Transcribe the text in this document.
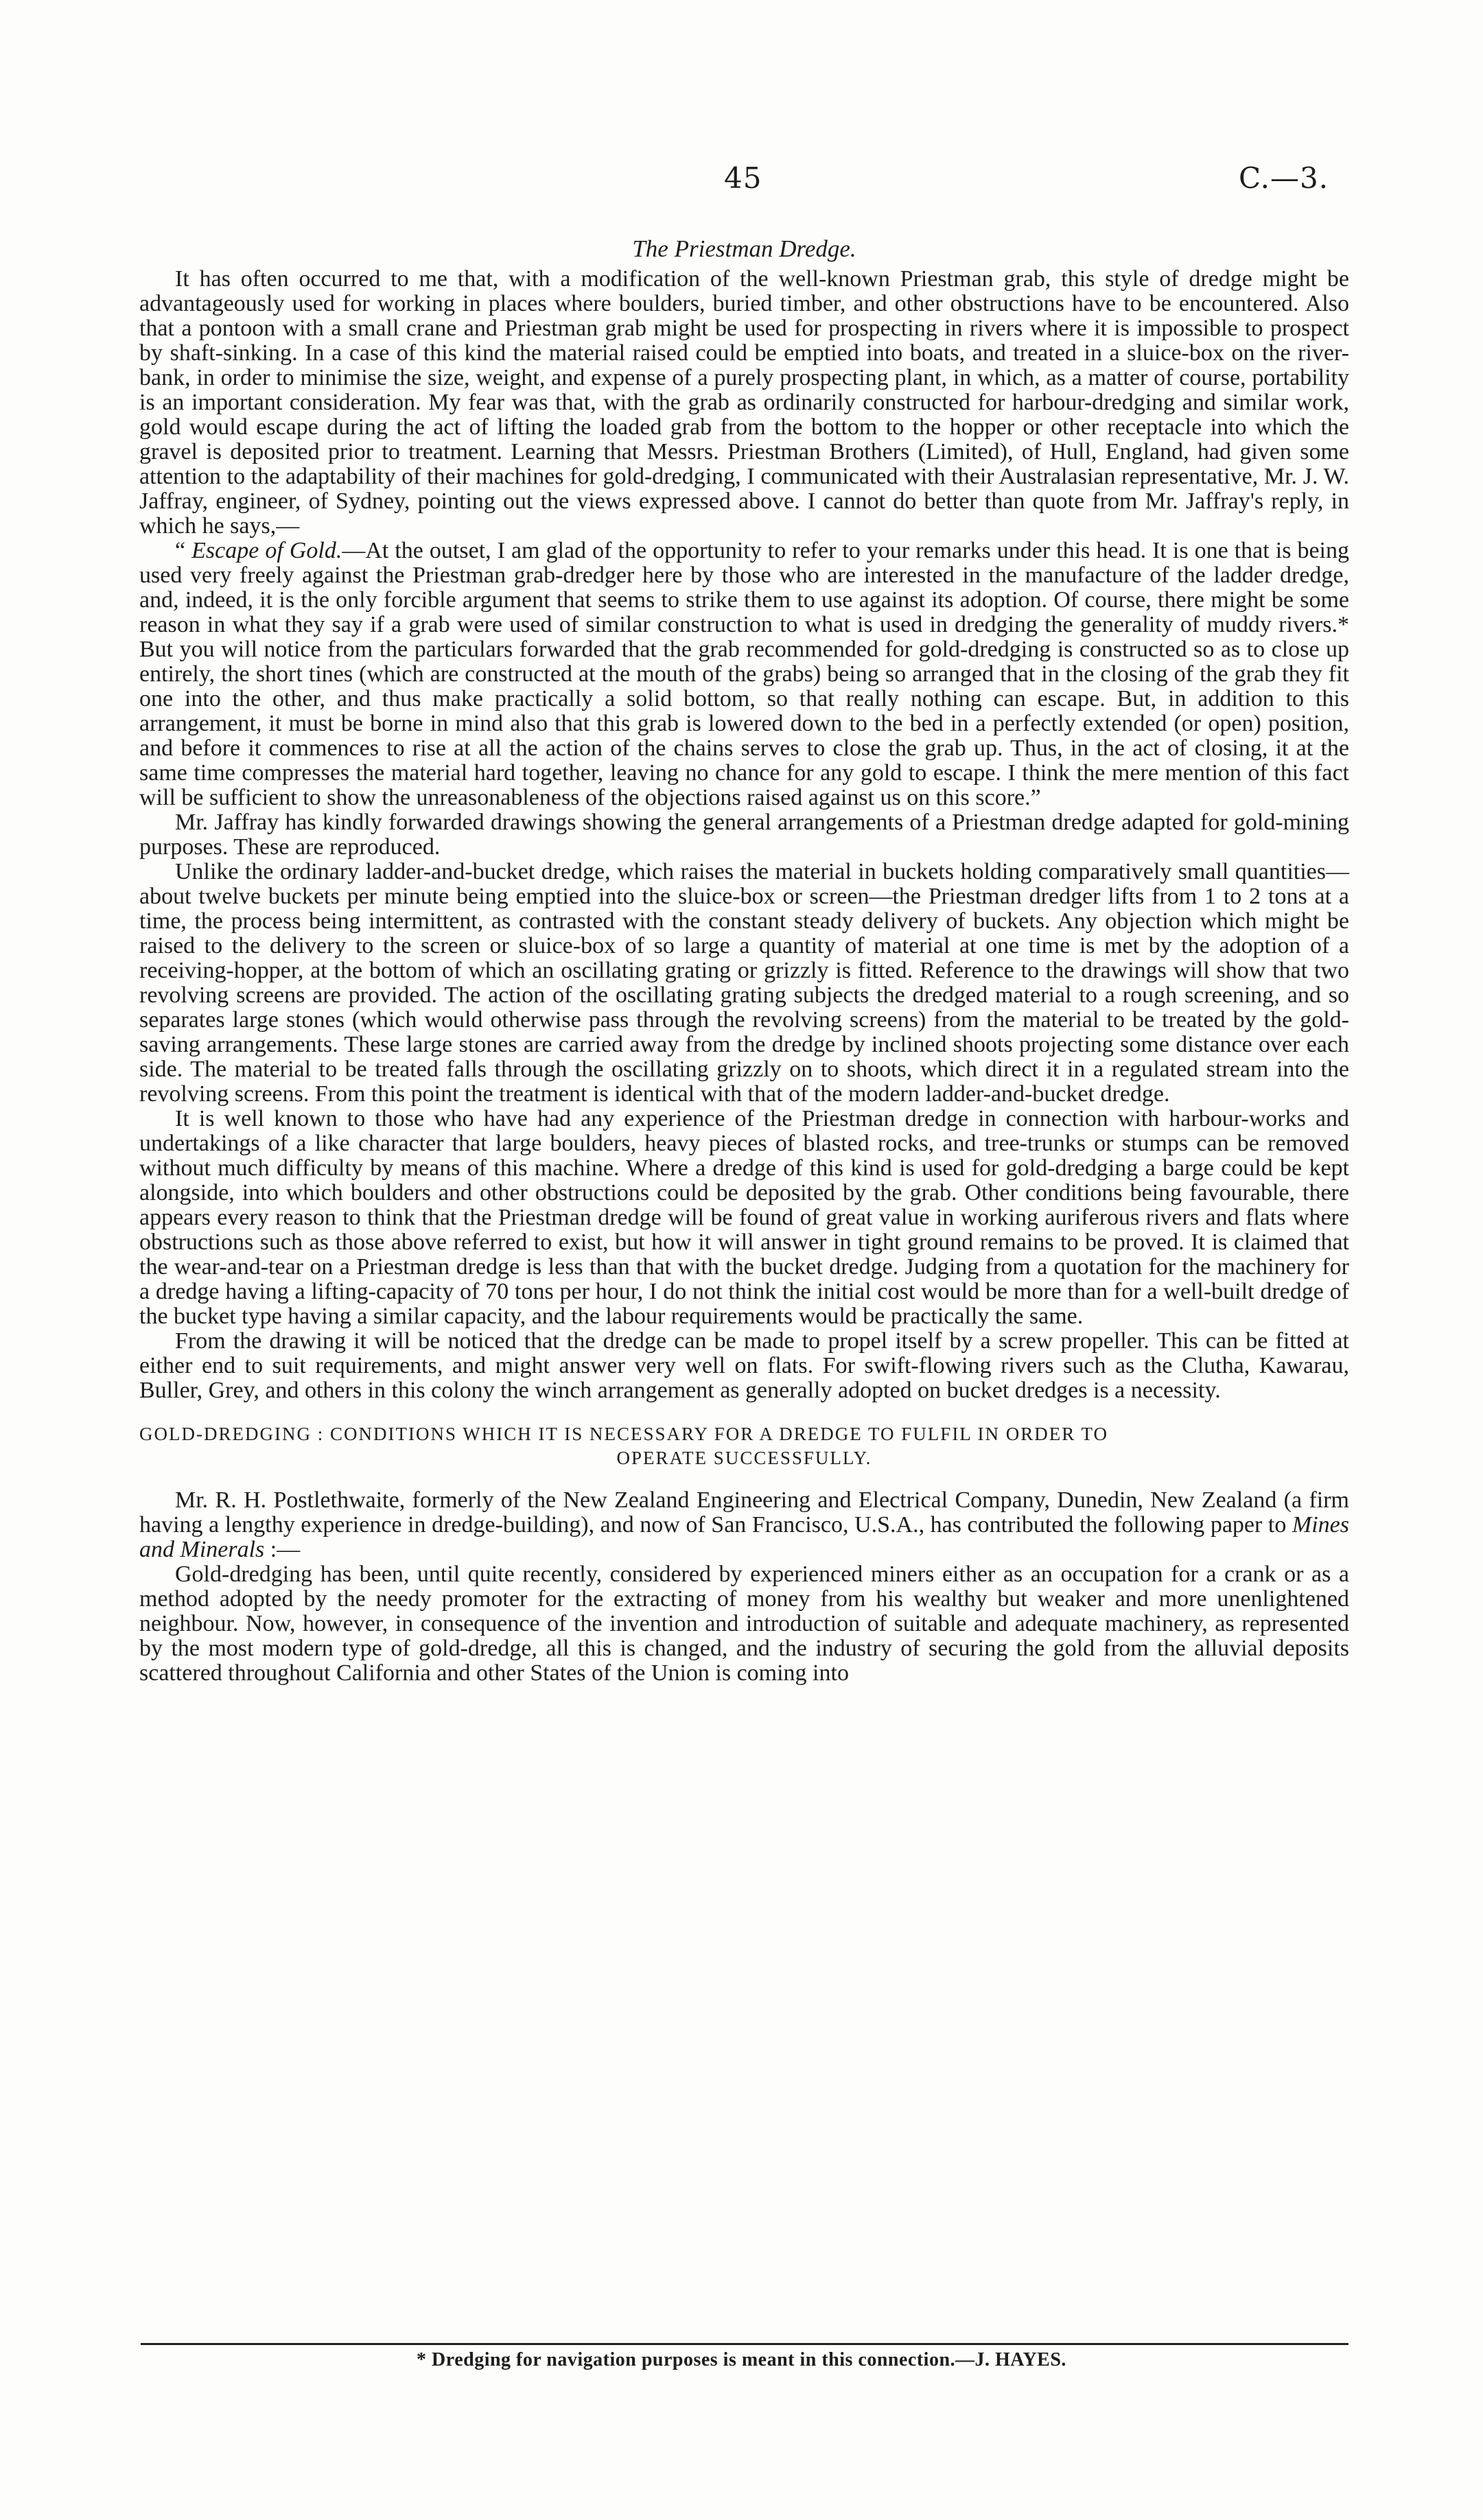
45	C.—3.
The Priestman Dredge.

It has often occurred to me that, with a modification of the well-known Priestman grab, this style of dredge might be advantageously used for working in places where boulders, buried timber, and other obstructions have to be encountered. Also that a pontoon with a small crane and Priestman grab might be used for prospecting in rivers where it is impossible to prospect by shaft-sinking. In a case of this kind the material raised could be emptied into boats, and treated in a sluice-box on the river-bank, in order to minimise the size, weight, and expense of a purely prospecting plant, in which, as a matter of course, portability is an important consideration. My fear was that, with the grab as ordinarily constructed for harbour-dredging and similar work, gold would escape during the act of lifting the loaded grab from the bottom to the hopper or other receptacle into which the gravel is deposited prior to treatment. Learning that Messrs. Priestman Brothers (Limited), of Hull, England, had given some attention to the adaptability of their machines for gold-dredging, I communicated with their Australasian representative, Mr. J. W. Jaffray, engineer, of Sydney, pointing out the views expressed above. I cannot do better than quote from Mr. Jaffray's reply, in which he says,—

“ Escape of Gold.—At the outset, I am glad of the opportunity to refer to your remarks under this head. It is one that is being used very freely against the Priestman grab-dredger here by those who are interested in the manufacture of the ladder dredge, and, indeed, it is the only forcible argument that seems to strike them to use against its adoption. Of course, there might be some reason in what they say if a grab were used of similar construction to what is used in dredging the generality of muddy rivers.* But you will notice from the particulars forwarded that the grab recommended for gold-dredging is constructed so as to close up entirely, the short tines (which are constructed at the mouth of the grabs) being so arranged that in the closing of the grab they fit one into the other, and thus make practically a solid bottom, so that really nothing can escape. But, in addition to this arrangement, it must be borne in mind also that this grab is lowered down to the bed in a perfectly extended (or open) position, and before it commences to rise at all the action of the chains serves to close the grab up. Thus, in the act of closing, it at the same time compresses the material hard together, leaving no chance for any gold to escape. I think the mere mention of this fact will be sufficient to show the unreasonableness of the objections raised against us on this score.”

Mr. Jaffray has kindly forwarded drawings showing the general arrangements of a Priestman dredge adapted for gold-mining purposes. These are reproduced.

Unlike the ordinary ladder-and-bucket dredge, which raises the material in buckets holding comparatively small quantities—about twelve buckets per minute being emptied into the sluice-box or screen—the Priestman dredger lifts from 1 to 2 tons at a time, the process being intermittent, as contrasted with the constant steady delivery of buckets. Any objection which might be raised to the delivery to the screen or sluice-box of so large a quantity of material at one time is met by the adoption of a receiving-hopper, at the bottom of which an oscillating grating or grizzly is fitted. Reference to the drawings will show that two revolving screens are provided. The action of the oscillating grating subjects the dredged material to a rough screening, and so separates large stones (which would otherwise pass through the revolving screens) from the material to be treated by the gold-saving arrangements. These large stones are carried away from the dredge by inclined shoots projecting some distance over each side. The material to be treated falls through the oscillating grizzly on to shoots, which direct it in a regulated stream into the revolving screens. From this point the treatment is identical with that of the modern ladder-and-bucket dredge.

It is well known to those who have had any experience of the Priestman dredge in connection with harbour-works and undertakings of a like character that large boulders, heavy pieces of blasted rocks, and tree-trunks or stumps can be removed without much difficulty by means of this machine. Where a dredge of this kind is used for gold-dredging a barge could be kept alongside, into which boulders and other obstructions could be deposited by the grab. Other conditions being favourable, there appears every reason to think that the Priestman dredge will be found of great value in working auriferous rivers and flats where obstructions such as those above referred to exist, but how it will answer in tight ground remains to be proved. It is claimed that the wear-and-tear on a Priestman dredge is less than that with the bucket dredge. Judging from a quotation for the machinery for a dredge having a lifting-capacity of 70 tons per hour, I do not think the initial cost would be more than for a well-built dredge of the bucket type having a similar capacity, and the labour requirements would be practically the same.

From the drawing it will be noticed that the dredge can be made to propel itself by a screw propeller. This can be fitted at either end to suit requirements, and might answer very well on flats. For swift-flowing rivers such as the Clutha, Kawarau, Buller, Grey, and others in this colony the winch arrangement as generally adopted on bucket dredges is a necessity.

GOLD-DREDGING : CONDITIONS WHICH IT IS NECESSARY FOR A DREDGE TO FULFIL IN ORDER TO
OPERATE SUCCESSFULLY.

Mr. R. H. Postlethwaite, formerly of the New Zealand Engineering and Electrical Company, Dunedin, New Zealand (a firm having a lengthy experience in dredge-building), and now of San Francisco, U.S.A., has contributed the following paper to Mines and Minerals :—

Gold-dredging has been, until quite recently, considered by experienced miners either as an occupation for a crank or as a method adopted by the needy promoter for the extracting of money from his wealthy but weaker and more unenlightened neighbour. Now, however, in consequence of the invention and introduction of suitable and adequate machinery, as represented by the most modern type of gold-dredge, all this is changed, and the industry of securing the gold from the alluvial deposits scattered throughout California and other States of the Union is coming into

* Dredging for navigation purposes is meant in this connection.—J. HAYES.
